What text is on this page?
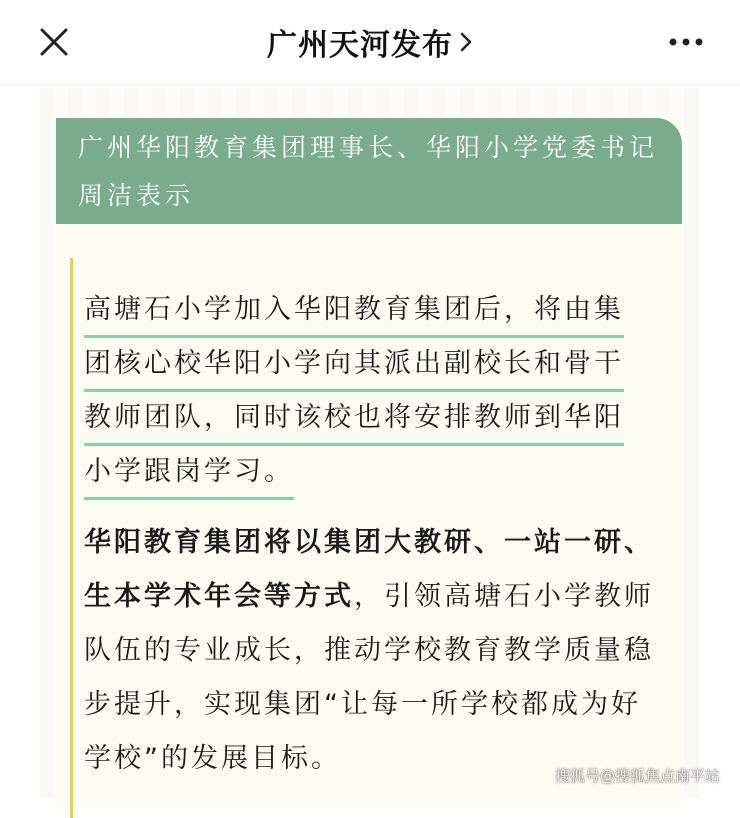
广州天河发布
广州华阳教育集团理事长、华阳小学党委书记周洁表示
高塘石小学加入华阳教育集团后，将由集
团核心校华阳小学向其派出副校长和骨干
教师团队，同时该校也将安排教师到华阳
小学跟岗学习。
华阳教育集团将以集团大教研、一站一研、生本学术年会等方式，引领高塘石小学教师队伍的专业成长，推动学校教育教学质量稳步提升，实现集团“让每一所学校都成为好学校”的发展目标。
搜狐号@搜狐焦点南平站
